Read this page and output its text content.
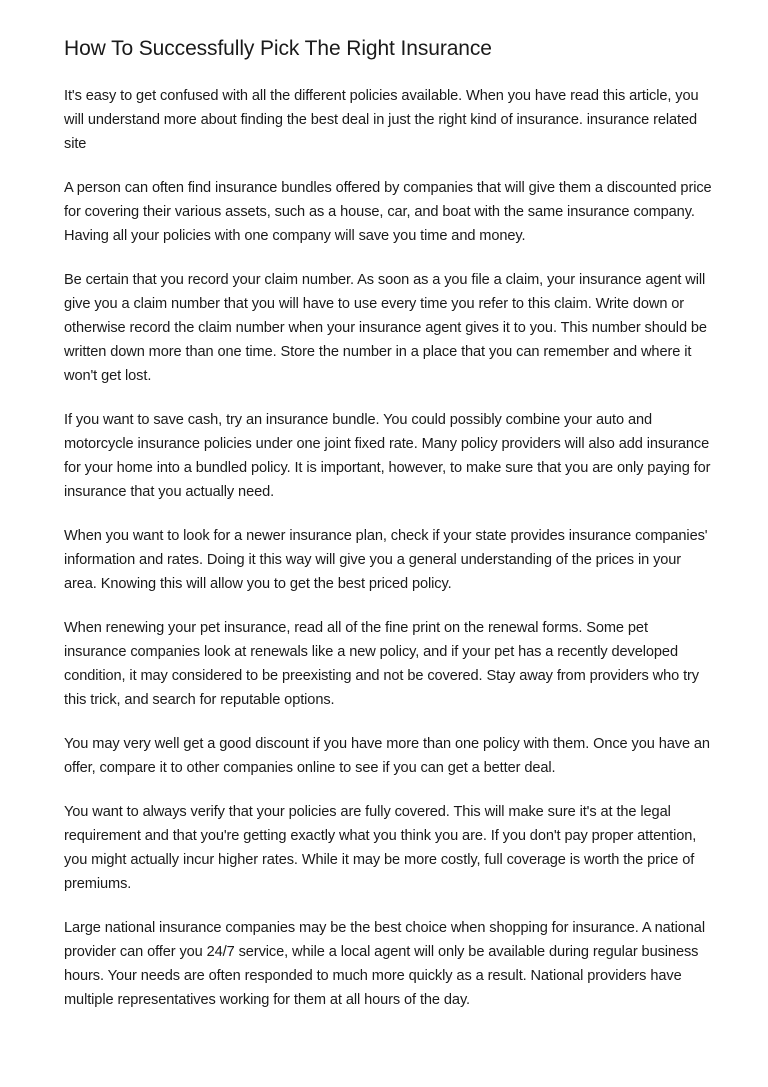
How To Successfully Pick The Right Insurance

It's easy to get confused with all the different policies available. When you have read this article, you will understand more about finding the best deal in just the right kind of insurance. insurance related site

A person can often find insurance bundles offered by companies that will give them a discounted price for covering their various assets, such as a house, car, and boat with the same insurance company. Having all your policies with one company will save you time and money.

Be certain that you record your claim number. As soon as a you file a claim, your insurance agent will give you a claim number that you will have to use every time you refer to this claim. Write down or otherwise record the claim number when your insurance agent gives it to you. This number should be written down more than one time. Store the number in a place that you can remember and where it won't get lost.

If you want to save cash, try an insurance bundle. You could possibly combine your auto and motorcycle insurance policies under one joint fixed rate. Many policy providers will also add insurance for your home into a bundled policy. It is important, however, to make sure that you are only paying for insurance that you actually need.

When you want to look for a newer insurance plan, check if your state provides insurance companies' information and rates. Doing it this way will give you a general understanding of the prices in your area. Knowing this will allow you to get the best priced policy.

When renewing your pet insurance, read all of the fine print on the renewal forms. Some pet insurance companies look at renewals like a new policy, and if your pet has a recently developed condition, it may considered to be preexisting and not be covered. Stay away from providers who try this trick, and search for reputable options.

You may very well get a good discount if you have more than one policy with them. Once you have an offer, compare it to other companies online to see if you can get a better deal.

You want to always verify that your policies are fully covered. This will make sure it's at the legal requirement and that you're getting exactly what you think you are. If you don't pay proper attention, you might actually incur higher rates. While it may be more costly, full coverage is worth the price of premiums.

Large national insurance companies may be the best choice when shopping for insurance. A national provider can offer you 24/7 service, while a local agent will only be available during regular business hours. Your needs are often responded to much more quickly as a result. National providers have multiple representatives working for them at all hours of the day.
